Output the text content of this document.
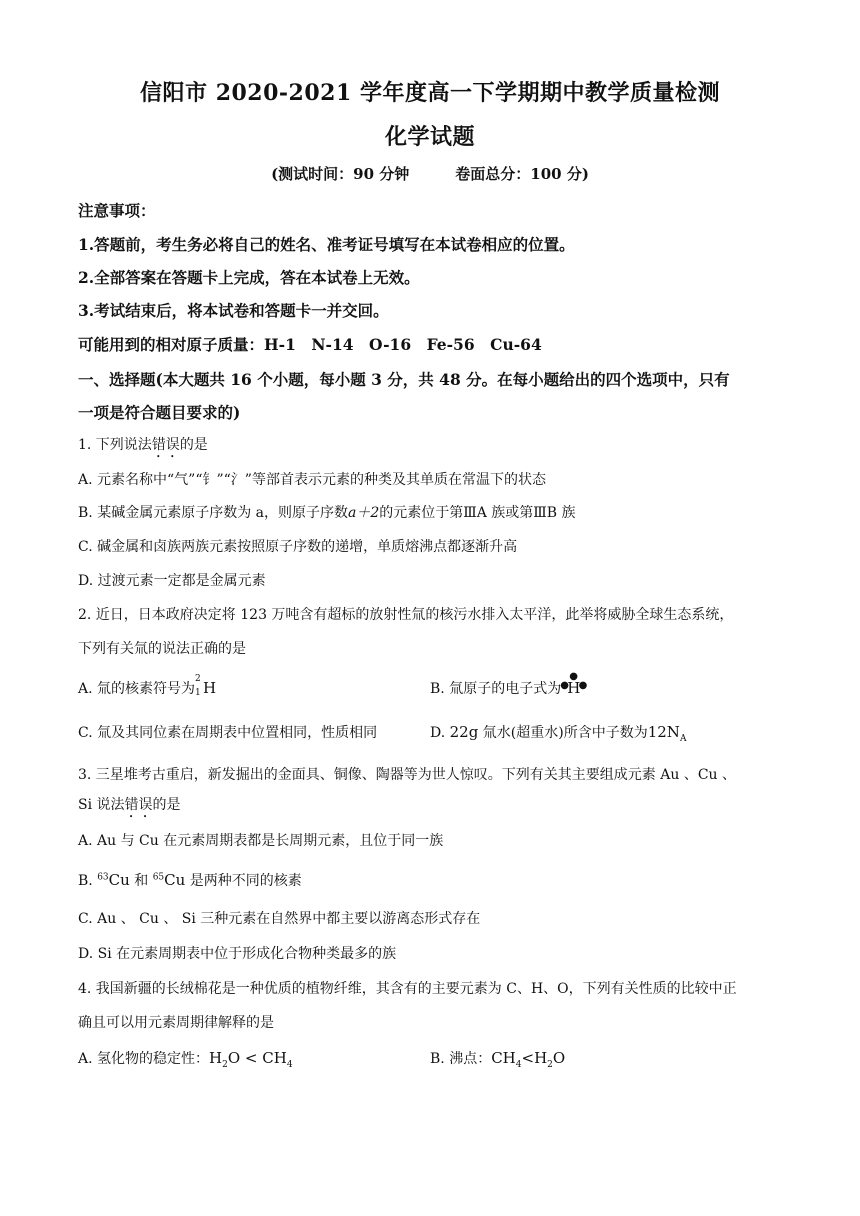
信阳市 2020-2021 学年度高一下学期期中教学质量检测
化学试题
(测试时间：90 分钟	卷面总分：100 分)
注意事项：
1.答题前，考生务必将自己的姓名、准考证号填写在本试卷相应的位置。
2.全部答案在答题卡上完成，答在本试卷上无效。
3.考试结束后，将本试卷和答题卡一并交回。
可能用到的相对原子质量：H-1　N-14　O-16　Fe-56　Cu-64
一、选择题(本大题共 16 个小题，每小题 3 分，共 48 分。在每小题给出的四个选项中，只有
一项是符合题目要求的)
1. 下列说法错误的是
A. 元素名称中“气”“钅”“氵”等部首表示元素的种类及其单质在常温下的状态
B. 某碱金属元素原子序数为 a，则原子序数a＋2的元素位于第ⅢA 族或第ⅢB 族
C. 碱金属和卤族两族元素按照原子序数的递增，单质熔沸点都逐渐升高
D. 过渡元素一定都是金属元素
2. 近日，日本政府决定将 123 万吨含有超标的放射性氚的核污水排入太平洋，此举将威胁全球生态系统，
下列有关氚的说法正确的是
A. 氚的核素符号为
2
1 H	B. 氚原子的电子式为
●
●
H
●
C. 氚及其同位素在周期表中位置相同，性质相同	D. 22g 氚水(超重水)所含中子数为$12N_A$
3. 三星堆考古重启，新发掘出的金面具、铜像、陶器等为世人惊叹。下列有关其主要组成元素 Au 、Cu 、
Si 说法错误的是
A. Au 与 Cu 在元素周期表都是长周期元素，且位于同一族
B. $^{63}$Cu 和 $^{65}$Cu 是两种不同的核素
C. Au 、 Cu 、 Si 三种元素在自然界中都主要以游离态形式存在
D. Si 在元素周期表中位于形成化合物种类最多的族
4. 我国新疆的长绒棉花是一种优质的植物纤维，其含有的主要元素为 C、H、O，下列有关性质的比较中正
确且可以用元素周期律解释的是
A. 氢化物的稳定性：$H_2O < CH_4$	B. 沸点：$CH_4<H_2O$
